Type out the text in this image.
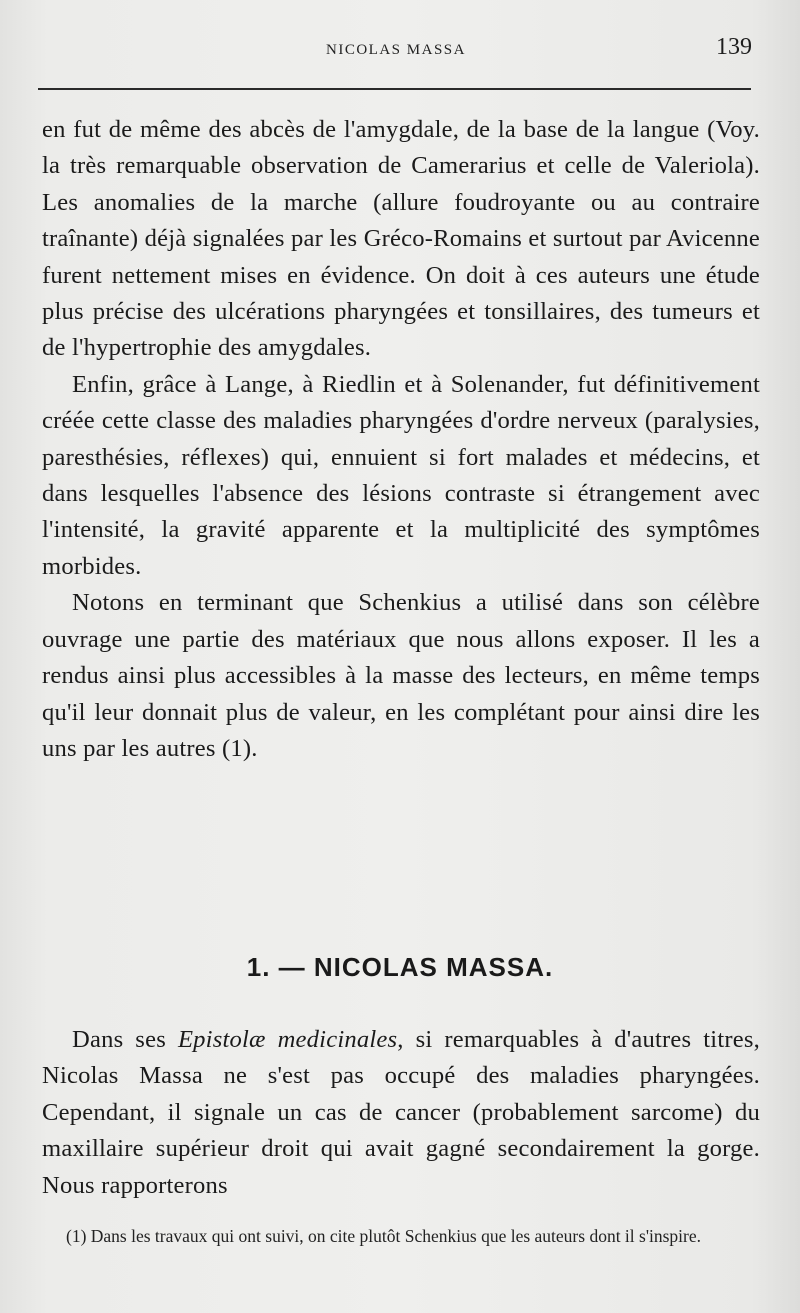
NICOLAS MASSA	139

en fut de même des abcès de l'amygdale, de la base de la langue (Voy. la très remarquable observation de Camerarius et celle de Valeriola). Les anomalies de la marche (allure foudroyante ou au contraire traînante) déjà signalées par les Gréco-Romains et surtout par Avicenne furent nettement mises en évidence. On doit à ces auteurs une étude plus précise des ulcérations pharyngées et tonsillaires, des tumeurs et de l'hypertrophie des amygdales.

Enfin, grâce à Lange, à Riedlin et à Solenander, fut définitivement créée cette classe des maladies pharyngées d'ordre nerveux (paralysies, paresthésies, réflexes) qui, ennuient si fort malades et médecins, et dans lesquelles l'absence des lésions contraste si étrangement avec l'intensité, la gravité apparente et la multiplicité des symptômes morbides.

Notons en terminant que Schenkius a utilisé dans son célèbre ouvrage une partie des matériaux que nous allons exposer. Il les a rendus ainsi plus accessibles à la masse des lecteurs, en même temps qu'il leur donnait plus de valeur, en les complétant pour ainsi dire les uns par les autres (1).

1. — NICOLAS MASSA.
Dans ses Epistolæ medicinales, si remarquables à d'autres titres, Nicolas Massa ne s'est pas occupé des maladies pharyngées. Cependant, il signale un cas de cancer (probablement sarcome) du maxillaire supérieur droit qui avait gagné secondairement la gorge. Nous rapporterons
(1) Dans les travaux qui ont suivi, on cite plutôt Schenkius que les auteurs dont il s'inspire.
